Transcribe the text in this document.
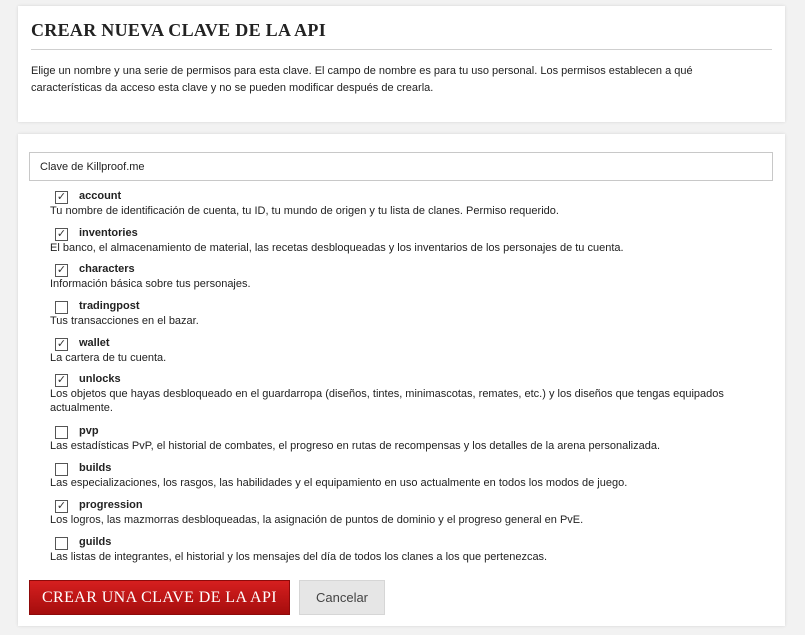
CREAR NUEVA CLAVE DE LA API

Elige un nombre y una serie de permisos para esta clave. El campo de nombre es para tu uso personal. Los permisos establecen a qué características da acceso esta clave y no se pueden modificar después de crearla.

Clave de Killproof.me
✓	account
Tu nombre de identificación de cuenta, tu ID, tu mundo de origen y tu lista de clanes. Permiso requerido.
✓	inventories
El banco, el almacenamiento de material, las recetas desbloqueadas y los inventarios de los personajes de tu cuenta.
✓	characters
Información básica sobre tus personajes.
tradingpost
Tus transacciones en el bazar.
✓	wallet
La cartera de tu cuenta.
✓	unlocks
Los objetos que hayas desbloqueado en el guardarropa (diseños, tintes, minimascotas, remates, etc.) y los diseños que tengas equipados actualmente.
pvp
Las estadísticas PvP, el historial de combates, el progreso en rutas de recompensas y los detalles de la arena personalizada.
builds
Las especializaciones, los rasgos, las habilidades y el equipamiento en uso actualmente en todos los modos de juego.
✓	progression
Los logros, las mazmorras desbloqueadas, la asignación de puntos de dominio y el progreso general en PvE.
guilds
Las listas de integrantes, el historial y los mensajes del día de todos los clanes a los que pertenezcas.
CREAR UNA CLAVE DE LA API	Cancelar
